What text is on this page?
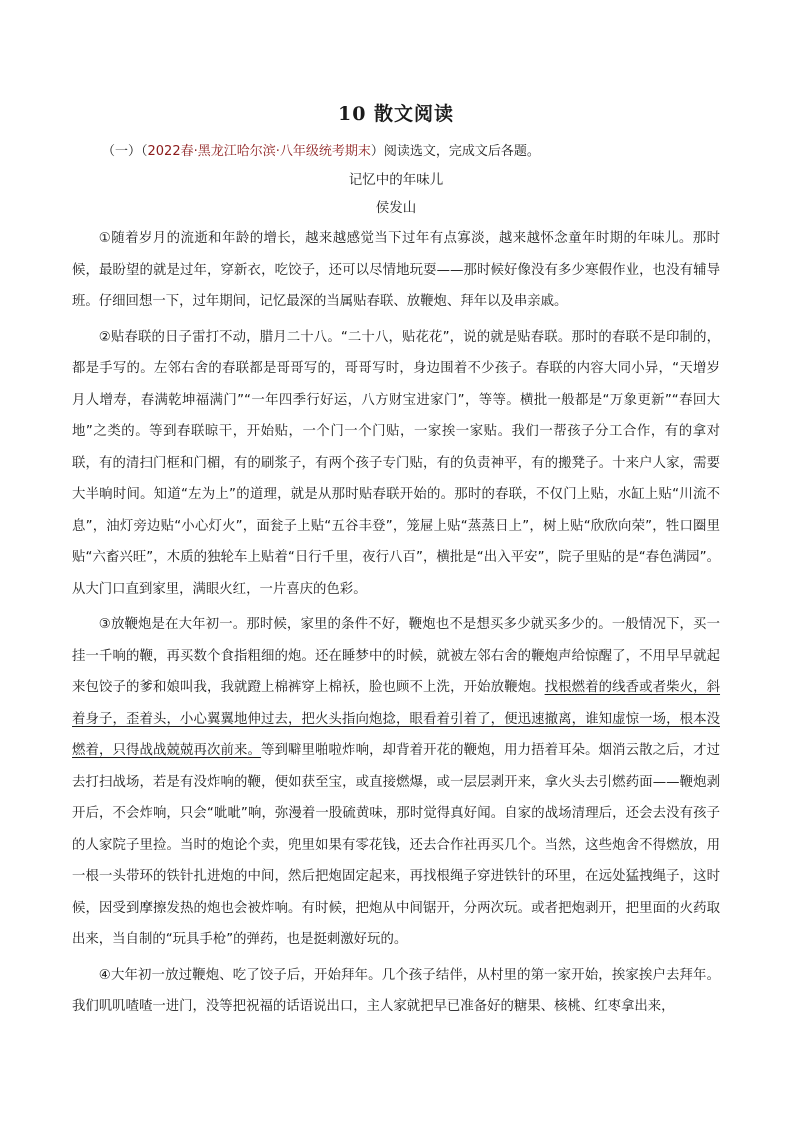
10 散文阅读
（一）（2022春·黑龙江哈尔滨·八年级统考期末）阅读选文，完成文后各题。
记忆中的年味儿
侯发山

①随着岁月的流逝和年龄的增长，越来越感觉当下过年有点寡淡，越来越怀念童年时期的年味儿。那时候，最盼望的就是过年，穿新衣，吃饺子，还可以尽情地玩耍——那时候好像没有多少寒假作业，也没有辅导班。仔细回想一下，过年期间，记忆最深的当属贴春联、放鞭炮、拜年以及串亲戚。

②贴春联的日子雷打不动，腊月二十八。“二十八，贴花花”，说的就是贴春联。那时的春联不是印制的，都是手写的。左邻右舍的春联都是哥哥写的，哥哥写时，身边围着不少孩子。春联的内容大同小异，“天增岁月人增寿，春满乾坤福满门”“一年四季行好运，八方财宝进家门”，等等。横批一般都是“万象更新”“春回大地”之类的。等到春联晾干，开始贴，一个门一个门贴，一家挨一家贴。我们一帮孩子分工合作，有的拿对联，有的清扫门框和门楣，有的刷浆子，有两个孩子专门贴，有的负责神平，有的搬凳子。十来户人家，需要大半晌时间。知道“左为上”的道理，就是从那时贴春联开始的。那时的春联，不仅门上贴，水缸上贴“川流不息”，油灯旁边贴“小心灯火”，面瓮子上贴“五谷丰登”，笼屉上贴“蒸蒸日上”，树上贴“欣欣向荣”，牲口圈里贴“六畜兴旺”，木质的独轮车上贴着“日行千里，夜行八百”，横批是“出入平安”，院子里贴的是“春色满园”。从大门口直到家里，满眼火红，一片喜庆的色彩。

③放鞭炮是在大年初一。那时候，家里的条件不好，鞭炮也不是想买多少就买多少的。一般情况下，买一挂一千响的鞭，再买数个食指粗细的炮。还在睡梦中的时候，就被左邻右舍的鞭炮声给惊醒了，不用早早就起来包饺子的爹和娘叫我，我就蹬上棉裤穿上棉袄，脸也顾不上洗，开始放鞭炮。找根燃着的线香或者柴火，斜着身子，歪着头，小心翼翼地伸过去，把火头指向炮捻，眼看着引着了，便迅速撤离，谁知虚惊一场，根本没燃着，只得战战兢兢再次前来。等到噼里啪啦炸响，却背着开花的鞭炮，用力捂着耳朵。烟消云散之后，才过去打扫战场，若是有没炸响的鞭，便如获至宝，或直接燃爆，或一层层剥开来，拿火头去引燃药面——鞭炮剥开后，不会炸响，只会“呲呲”响，弥漫着一股硫黄味，那时觉得真好闻。自家的战场清理后，还会去没有孩子的人家院子里捡。当时的炮论个卖，兜里如果有零花钱，还去合作社再买几个。当然，这些炮舍不得燃放，用一根一头带环的铁针扎进炮的中间，然后把炮固定起来，再找根绳子穿进铁针的环里，在远处猛拽绳子，这时候，因受到摩擦发热的炮也会被炸响。有时候，把炮从中间锯开，分两次玩。或者把炮剥开，把里面的火药取出来，当自制的“玩具手枪”的弹药，也是挺刺激好玩的。

④大年初一放过鞭炮、吃了饺子后，开始拜年。几个孩子结伴，从村里的第一家开始，挨家挨户去拜年。我们叽叽喳喳一进门，没等把祝福的话语说出口，主人家就把早已准备好的糖果、核桃、红枣拿出来，
